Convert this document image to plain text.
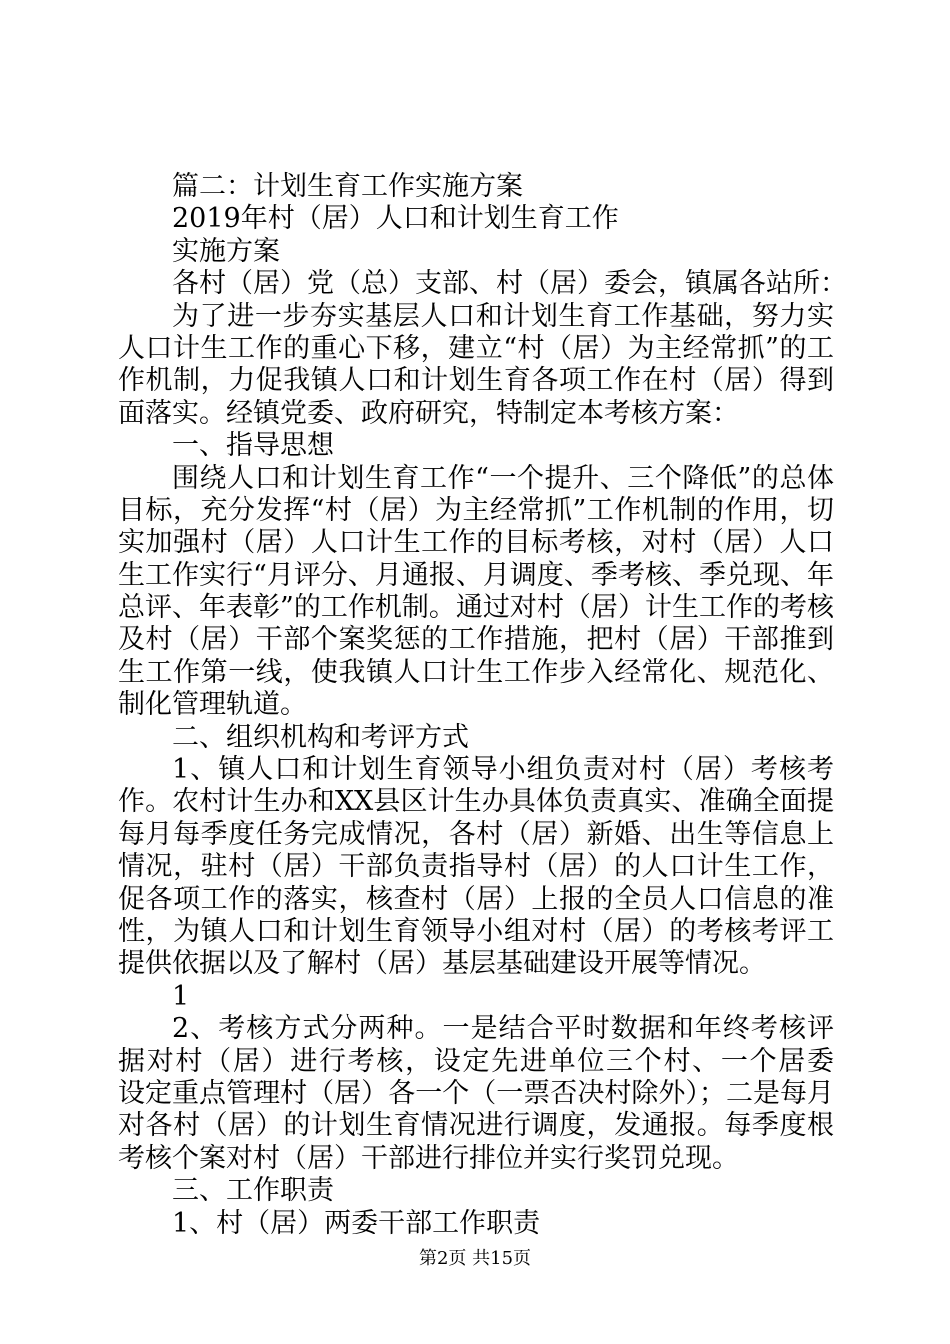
篇二：计划生育工作实施方案
2019年村（居）人口和计划生育工作
实施方案
各村（居）党（总）支部、村（居）委会，镇属各站所：
为了进一步夯实基层人口和计划生育工作基础，努力实
人口计生工作的重心下移，建立“村（居）为主经常抓”的工
作机制，力促我镇人口和计划生育各项工作在村（居）得到
面落实。经镇党委、政府研究，特制定本考核方案：
一、指导思想
围绕人口和计划生育工作“一个提升、三个降低”的总体
目标，充分发挥“村（居）为主经常抓”工作机制的作用，切
实加强村（居）人口计生工作的目标考核，对村（居）人口
生工作实行“月评分、月通报、月调度、季考核、季兑现、年
总评、年表彰”的工作机制。通过对村（居）计生工作的考核
及村（居）干部个案奖惩的工作措施，把村（居）干部推到
生工作第一线，使我镇人口计生工作步入经常化、规范化、
制化管理轨道。
二、组织机构和考评方式
1、镇人口和计划生育领导小组负责对村（居）考核考
作。农村计生办和XX县区计生办具体负责真实、准确全面提
每月每季度任务完成情况，各村（居）新婚、出生等信息上
情况，驻村（居）干部负责指导村（居）的人口计生工作，
促各项工作的落实，核查村（居）上报的全员人口信息的准
性，为镇人口和计划生育领导小组对村（居）的考核考评工
提供依据以及了解村（居）基层基础建设开展等情况。
1
2、考核方式分两种。一是结合平时数据和年终考核评
据对村（居）进行考核，设定先进单位三个村、一个居委
设定重点管理村（居）各一个（一票否决村除外）；二是每月
对各村（居）的计划生育情况进行调度，发通报。每季度根
考核个案对村（居）干部进行排位并实行奖罚兑现。
三、工作职责
1、村（居）两委干部工作职责
第2页 共15页
